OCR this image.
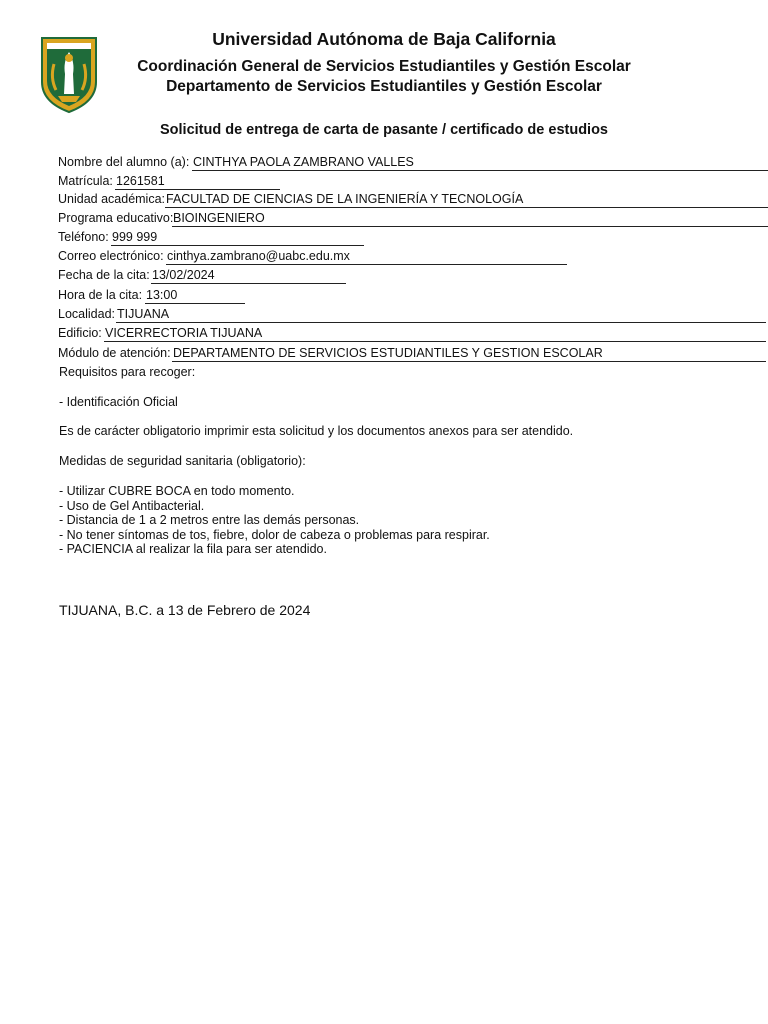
Universidad Autónoma de Baja California
Coordinación General de Servicios Estudiantiles y Gestión Escolar
Departamento de Servicios Estudiantiles y Gestión Escolar
Solicitud de entrega de carta de pasante / certificado de estudios
Nombre del alumno (a): CINTHYA PAOLA ZAMBRANO VALLES
Matrícula: 1261581
Unidad académica: FACULTAD DE CIENCIAS DE LA INGENIERÍA Y TECNOLOGÍA
Programa educativo: BIOINGENIERO
Teléfono: 999 999
Correo electrónico: cinthya.zambrano@uabc.edu.mx
Fecha de la cita: 13/02/2024
Hora de la cita: 13:00
Localidad: TIJUANA
Edificio: VICERRECTORIA TIJUANA
Módulo de atención: DEPARTAMENTO DE SERVICIOS ESTUDIANTILES Y GESTION ESCOLAR
Requisitos para recoger:
- Identificación Oficial
Es de carácter obligatorio imprimir esta solicitud y los documentos anexos para ser atendido.
Medidas de seguridad sanitaria (obligatorio):
- Utilizar CUBRE BOCA en todo momento.
- Uso de Gel Antibacterial.
- Distancia de 1 a 2 metros entre las demás personas.
- No tener síntomas de tos, fiebre, dolor de cabeza o problemas para respirar.
- PACIENCIA al realizar la fila para ser atendido.
TIJUANA, B.C. a 13 de Febrero de 2024
